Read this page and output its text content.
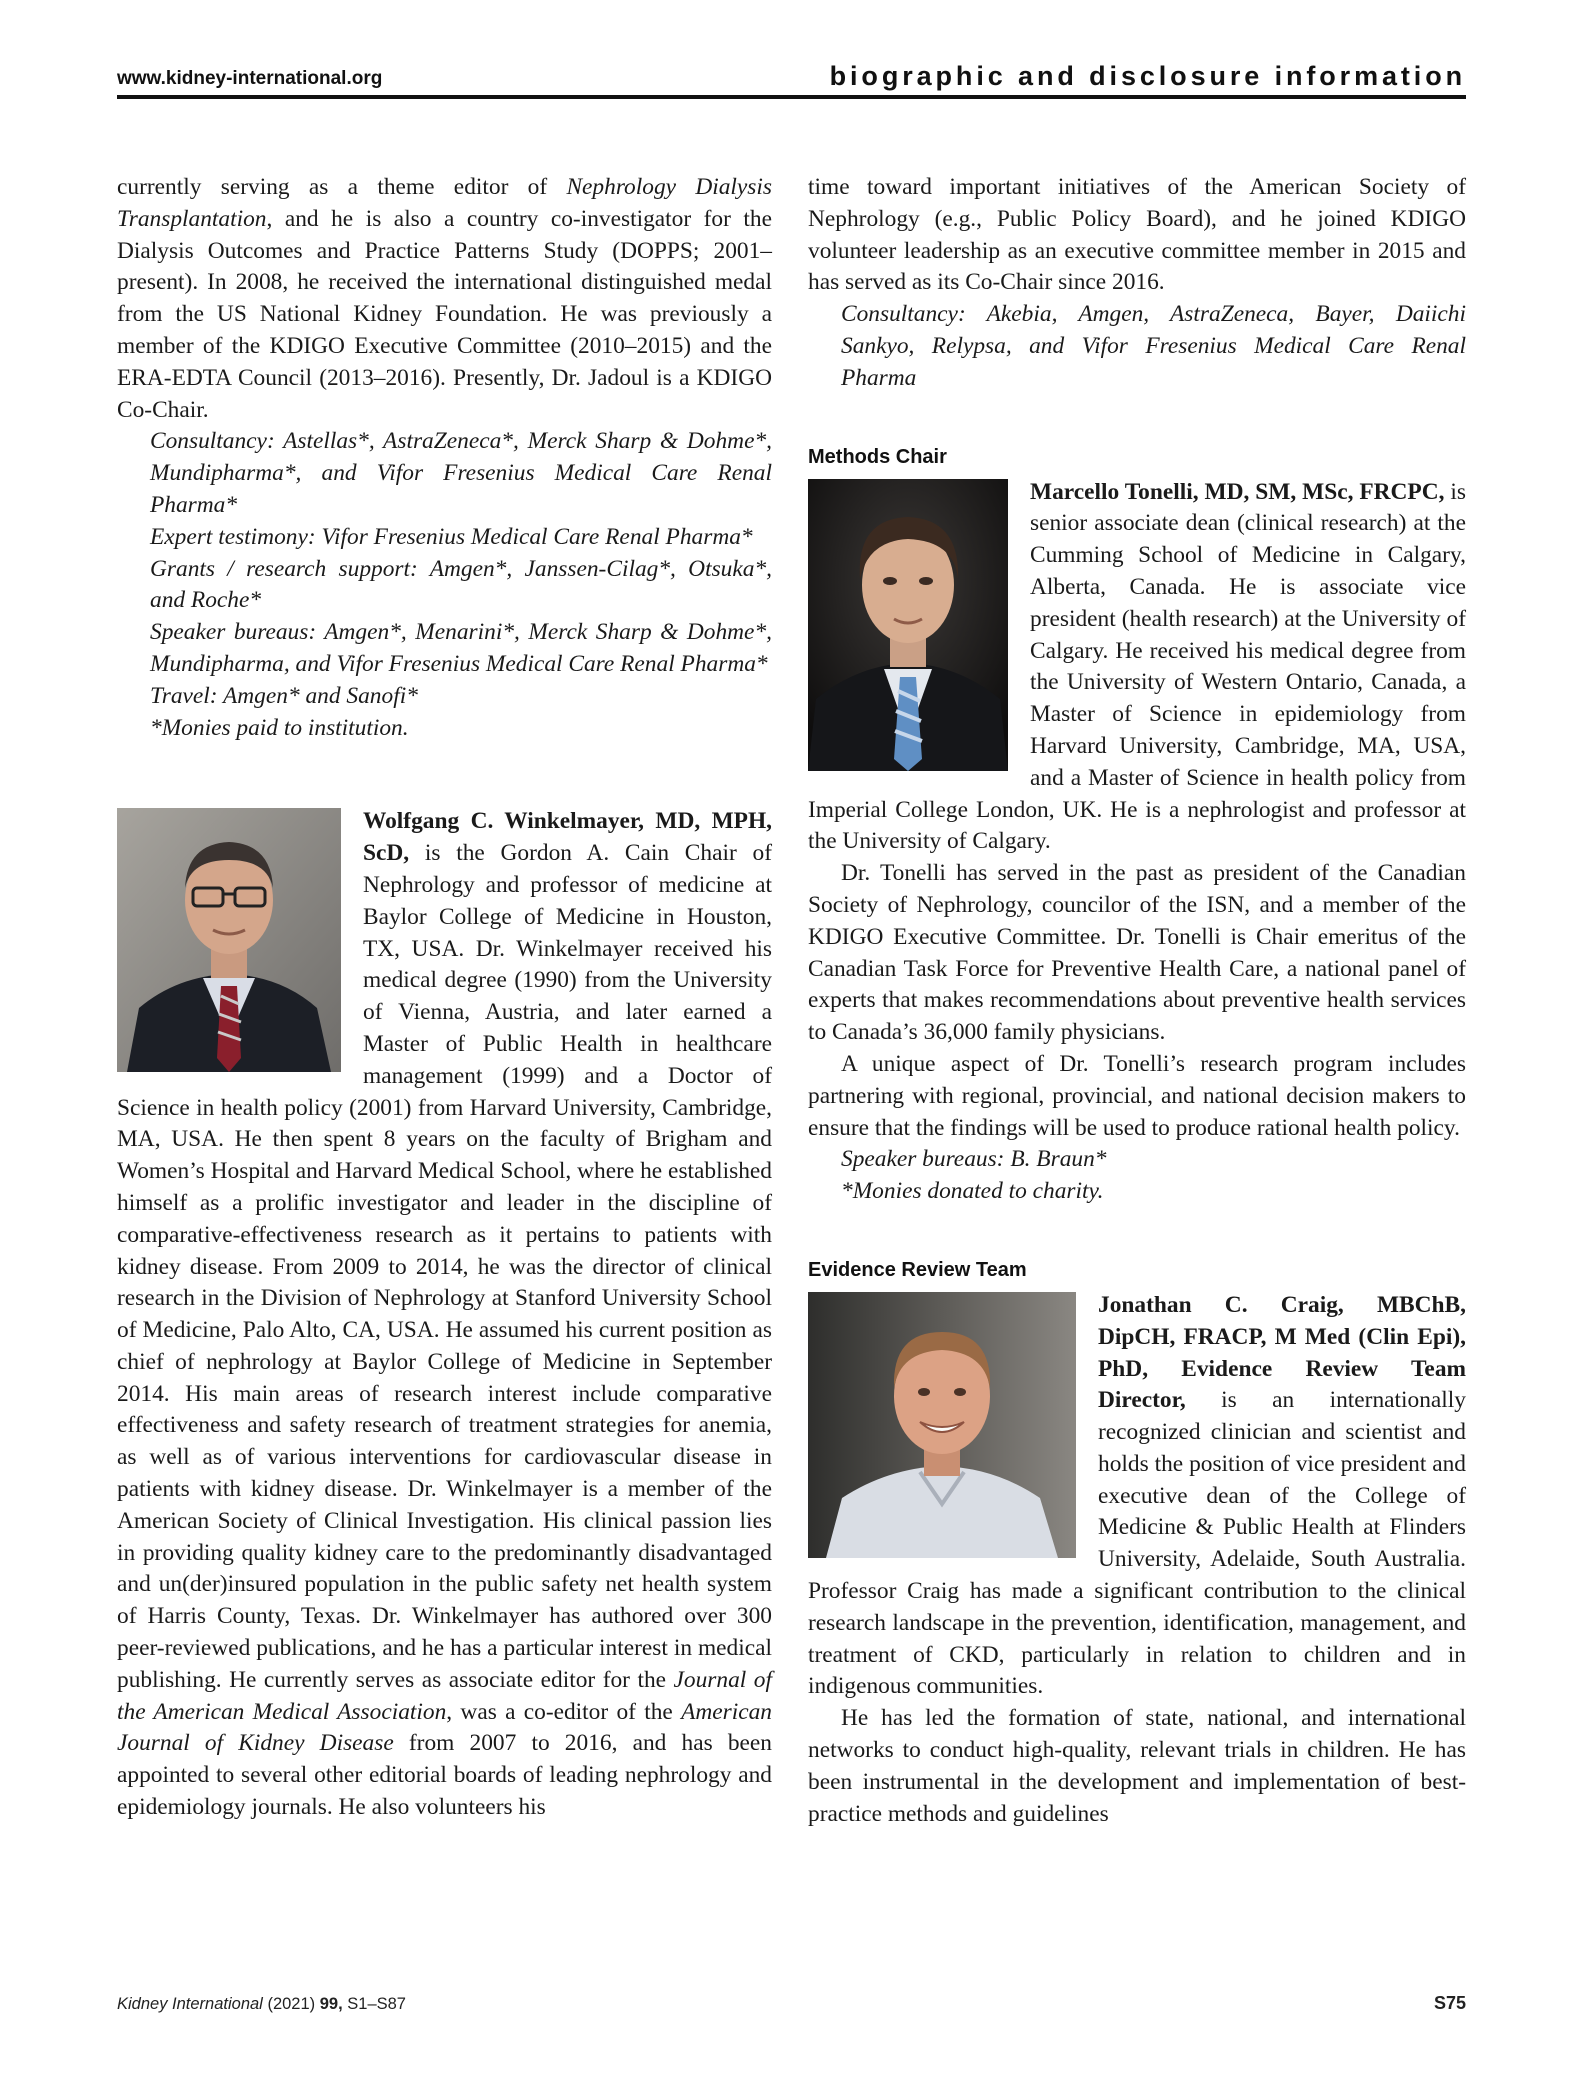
www.kidney-international.org	biographic and disclosure information

currently serving as a theme editor of Nephrology Dialysis Transplantation, and he is also a country co-investigator for the Dialysis Outcomes and Practice Patterns Study (DOPPS; 2001–present). In 2008, he received the international distinguished medal from the US National Kidney Foundation. He was previously a member of the KDIGO Executive Committee (2010–2015) and the ERA-EDTA Council (2013–2016). Presently, Dr. Jadoul is a KDIGO Co-Chair.

Consultancy: Astellas*, AstraZeneca*, Merck Sharp & Dohme*, Mundipharma*, and Vifor Fresenius Medical Care Renal Pharma*

Expert testimony: Vifor Fresenius Medical Care Renal Pharma*

Grants / research support: Amgen*, Janssen-Cilag*, Otsuka*, and Roche*

Speaker bureaus: Amgen*, Menarini*, Merck Sharp & Dohme*, Mundipharma, and Vifor Fresenius Medical Care Renal Pharma*

Travel: Amgen* and Sanofi*

*Monies paid to institution.

Wolfgang C. Winkelmayer, MD, MPH, ScD, is the Gordon A. Cain Chair of Nephrology and professor of medicine at Baylor College of Medicine in Houston, TX, USA. Dr. Winkelmayer received his medical degree (1990) from the University of Vienna, Austria, and later earned a Master of Public Health in healthcare management (1999) and a Doctor of Science in health policy (2001) from Harvard University, Cambridge, MA, USA. He then spent 8 years on the faculty of Brigham and Women’s Hospital and Harvard Medical School, where he established himself as a prolific investigator and leader in the discipline of comparative-effectiveness research as it pertains to patients with kidney disease. From 2009 to 2014, he was the director of clinical research in the Division of Nephrology at Stanford University School of Medicine, Palo Alto, CA, USA. He assumed his current position as chief of nephrology at Baylor College of Medicine in September 2014. His main areas of research interest include comparative effectiveness and safety research of treatment strategies for anemia, as well as of various interventions for cardiovascular disease in patients with kidney disease. Dr. Winkelmayer is a member of the American Society of Clinical Investigation. His clinical passion lies in providing quality kidney care to the predominantly disadvantaged and un(der)insured population in the public safety net health system of Harris County, Texas. Dr. Winkelmayer has authored over 300 peer-reviewed publications, and he has a particular interest in medical publishing. He currently serves as associate editor for the Journal of the American Medical Association, was a co-editor of the American Journal of Kidney Disease from 2007 to 2016, and has been appointed to several other editorial boards of leading nephrology and epidemiology journals. He also volunteers his

time toward important initiatives of the American Society of Nephrology (e.g., Public Policy Board), and he joined KDIGO volunteer leadership as an executive committee member in 2015 and has served as its Co-Chair since 2016.

Consultancy: Akebia, Amgen, AstraZeneca, Bayer, Daiichi Sankyo, Relypsa, and Vifor Fresenius Medical Care Renal Pharma

Methods Chair

Marcello Tonelli, MD, SM, MSc, FRCPC, is senior associate dean (clinical research) at the Cumming School of Medicine in Calgary, Alberta, Canada. He is associate vice president (health research) at the University of Calgary. He received his medical degree from the University of Western Ontario, Canada, a Master of Science in epidemiology from Harvard University, Cambridge, MA, USA, and a Master of Science in health policy from Imperial College London, UK. He is a nephrologist and professor at the University of Calgary.

Dr. Tonelli has served in the past as president of the Canadian Society of Nephrology, councilor of the ISN, and a member of the KDIGO Executive Committee. Dr. Tonelli is Chair emeritus of the Canadian Task Force for Preventive Health Care, a national panel of experts that makes recommendations about preventive health services to Canada’s 36,000 family physicians.

A unique aspect of Dr. Tonelli’s research program includes partnering with regional, provincial, and national decision makers to ensure that the findings will be used to produce rational health policy.

Speaker bureaus: B. Braun*

*Monies donated to charity.

Evidence Review Team

Jonathan C. Craig, MBChB, DipCH, FRACP, M Med (Clin Epi), PhD, Evidence Review Team Director, is an internationally recognized clinician and scientist and holds the position of vice president and executive dean of the College of Medicine & Public Health at Flinders University, Adelaide, South Australia. Professor Craig has made a significant contribution to the clinical research landscape in the prevention, identification, management, and treatment of CKD, particularly in relation to children and in indigenous communities.

He has led the formation of state, national, and international networks to conduct high-quality, relevant trials in children. He has been instrumental in the development and implementation of best-practice methods and guidelines

Kidney International (2021) 99, S1–S87	S75
